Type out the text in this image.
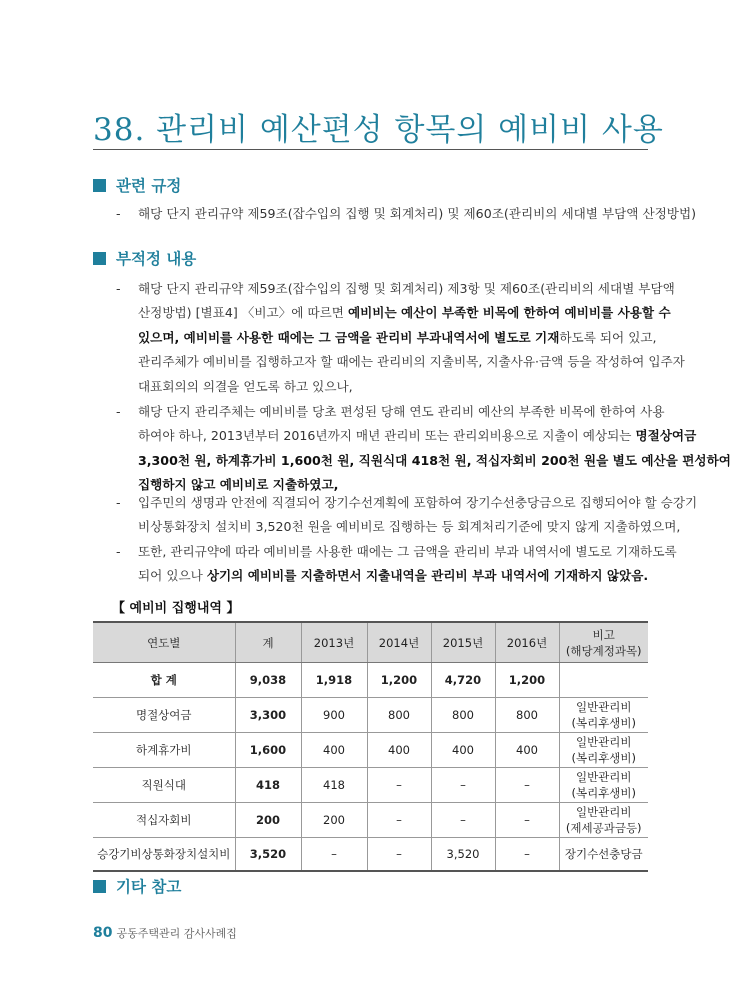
38. 관리비 예산편성 항목의 예비비 사용
관련 규정
- 해당 단지 관리규약 제59조(잡수입의 집행 및 회계처리) 및 제60조(관리비의 세대별 부담액 산정방법)
부적정 내용
- 해당 단지 관리규약 제59조(잡수입의 집행 및 회계처리) 제3항 및 제60조(관리비의 세대별 부담액
산정방법) [별표4] 〈비고〉에 따르면 예비비는 예산이 부족한 비목에 한하여 예비비를 사용할 수
있으며, 예비비를 사용한 때에는 그 금액을 관리비 부과내역서에 별도로 기재하도록 되어 있고,
관리주체가 예비비를 집행하고자 할 때에는 관리비의 지출비목, 지출사유·금액 등을 작성하여 입주자
대표회의의 의결을 얻도록 하고 있으나,
- 해당 단지 관리주체는 예비비를 당초 편성된 당해 연도 관리비 예산의 부족한 비목에 한하여 사용
하여야 하나, 2013년부터 2016년까지 매년 관리비 또는 관리외비용으로 지출이 예상되는 명절상여금
3,300천 원, 하계휴가비 1,600천 원, 직원식대 418천 원, 적십자회비 200천 원을 별도 예산을 편성하여
집행하지 않고 예비비로 지출하였고,
- 입주민의 생명과 안전에 직결되어 장기수선계획에 포함하여 장기수선충당금으로 집행되어야 할 승강기
비상통화장치 설치비 3,520천 원을 예비비로 집행하는 등 회계처리기준에 맞지 않게 지출하였으며,
- 또한, 관리규약에 따라 예비비를 사용한 때에는 그 금액을 관리비 부과 내역서에 별도로 기재하도록
되어 있으나 상기의 예비비를 지출하면서 지출내역을 관리비 부과 내역서에 기재하지 않았음.
【 예비비 집행내역 】
연도별	계	2013년	2014년	2015년	2016년	비고
(해당계정과목)
합 계	9,038	1,918	1,200	4,720	1,200	
명절상여금	3,300	900	800	800	800	일반관리비
(복리후생비)
하계휴가비	1,600	400	400	400	400	일반관리비
(복리후생비)
직원식대	418	418	–	–	–	일반관리비
(복리후생비)
적십자회비	200	200	–	–	–	일반관리비
(제세공과금등)
승강기비상통화장치설치비	3,520	–	–	3,520	–	장기수선충당금
기타 참고
80 공동주택관리 감사사례집
